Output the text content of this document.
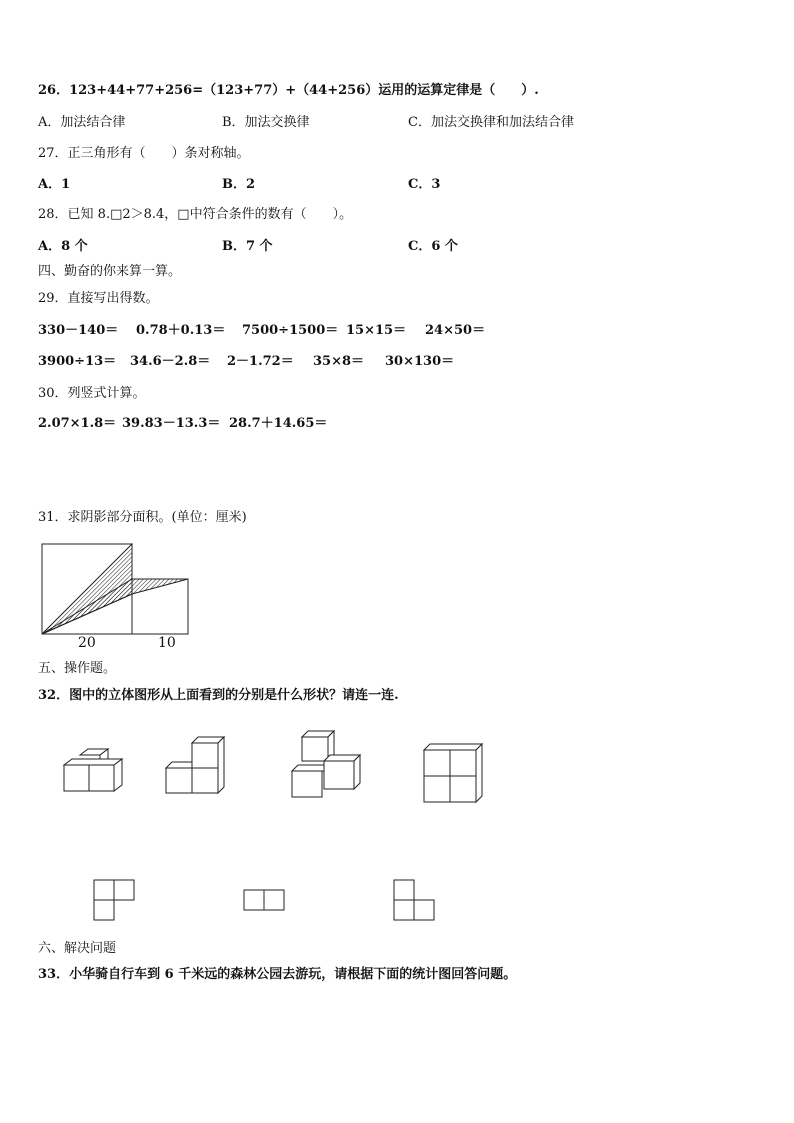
26．123+44+77+256=（123+77）+（44+256）运用的运算定律是（　　）.
A．加法结合律	B．加法交换律	C．加法交换律和加法结合律
27．正三角形有（　　）条对称轴。
A．1	B．2	C．3
28．已知 8.□2＞8.4，□中符合条件的数有（　　）。
A．8 个	B．7 个	C．6 个
四、勤奋的你来算一算。
29．直接写出得数。
330－140＝ 0.78＋0.13＝ 7500÷1500＝ 15×15＝ 24×50＝
3900÷13＝ 34.6－2.8＝ 2－1.72＝ 35×8＝ 30×130＝
30．列竖式计算。
2.07×1.8＝ 39.83－13.3＝ 28.7＋14.65＝
31．求阴影部分面积。(单位：厘米)
20	10
五、操作题。
32．图中的立体图形从上面看到的分别是什么形状？请连一连.
六、解决问题
33．小华骑自行车到 6 千米远的森林公园去游玩，请根据下面的统计图回答问题。
